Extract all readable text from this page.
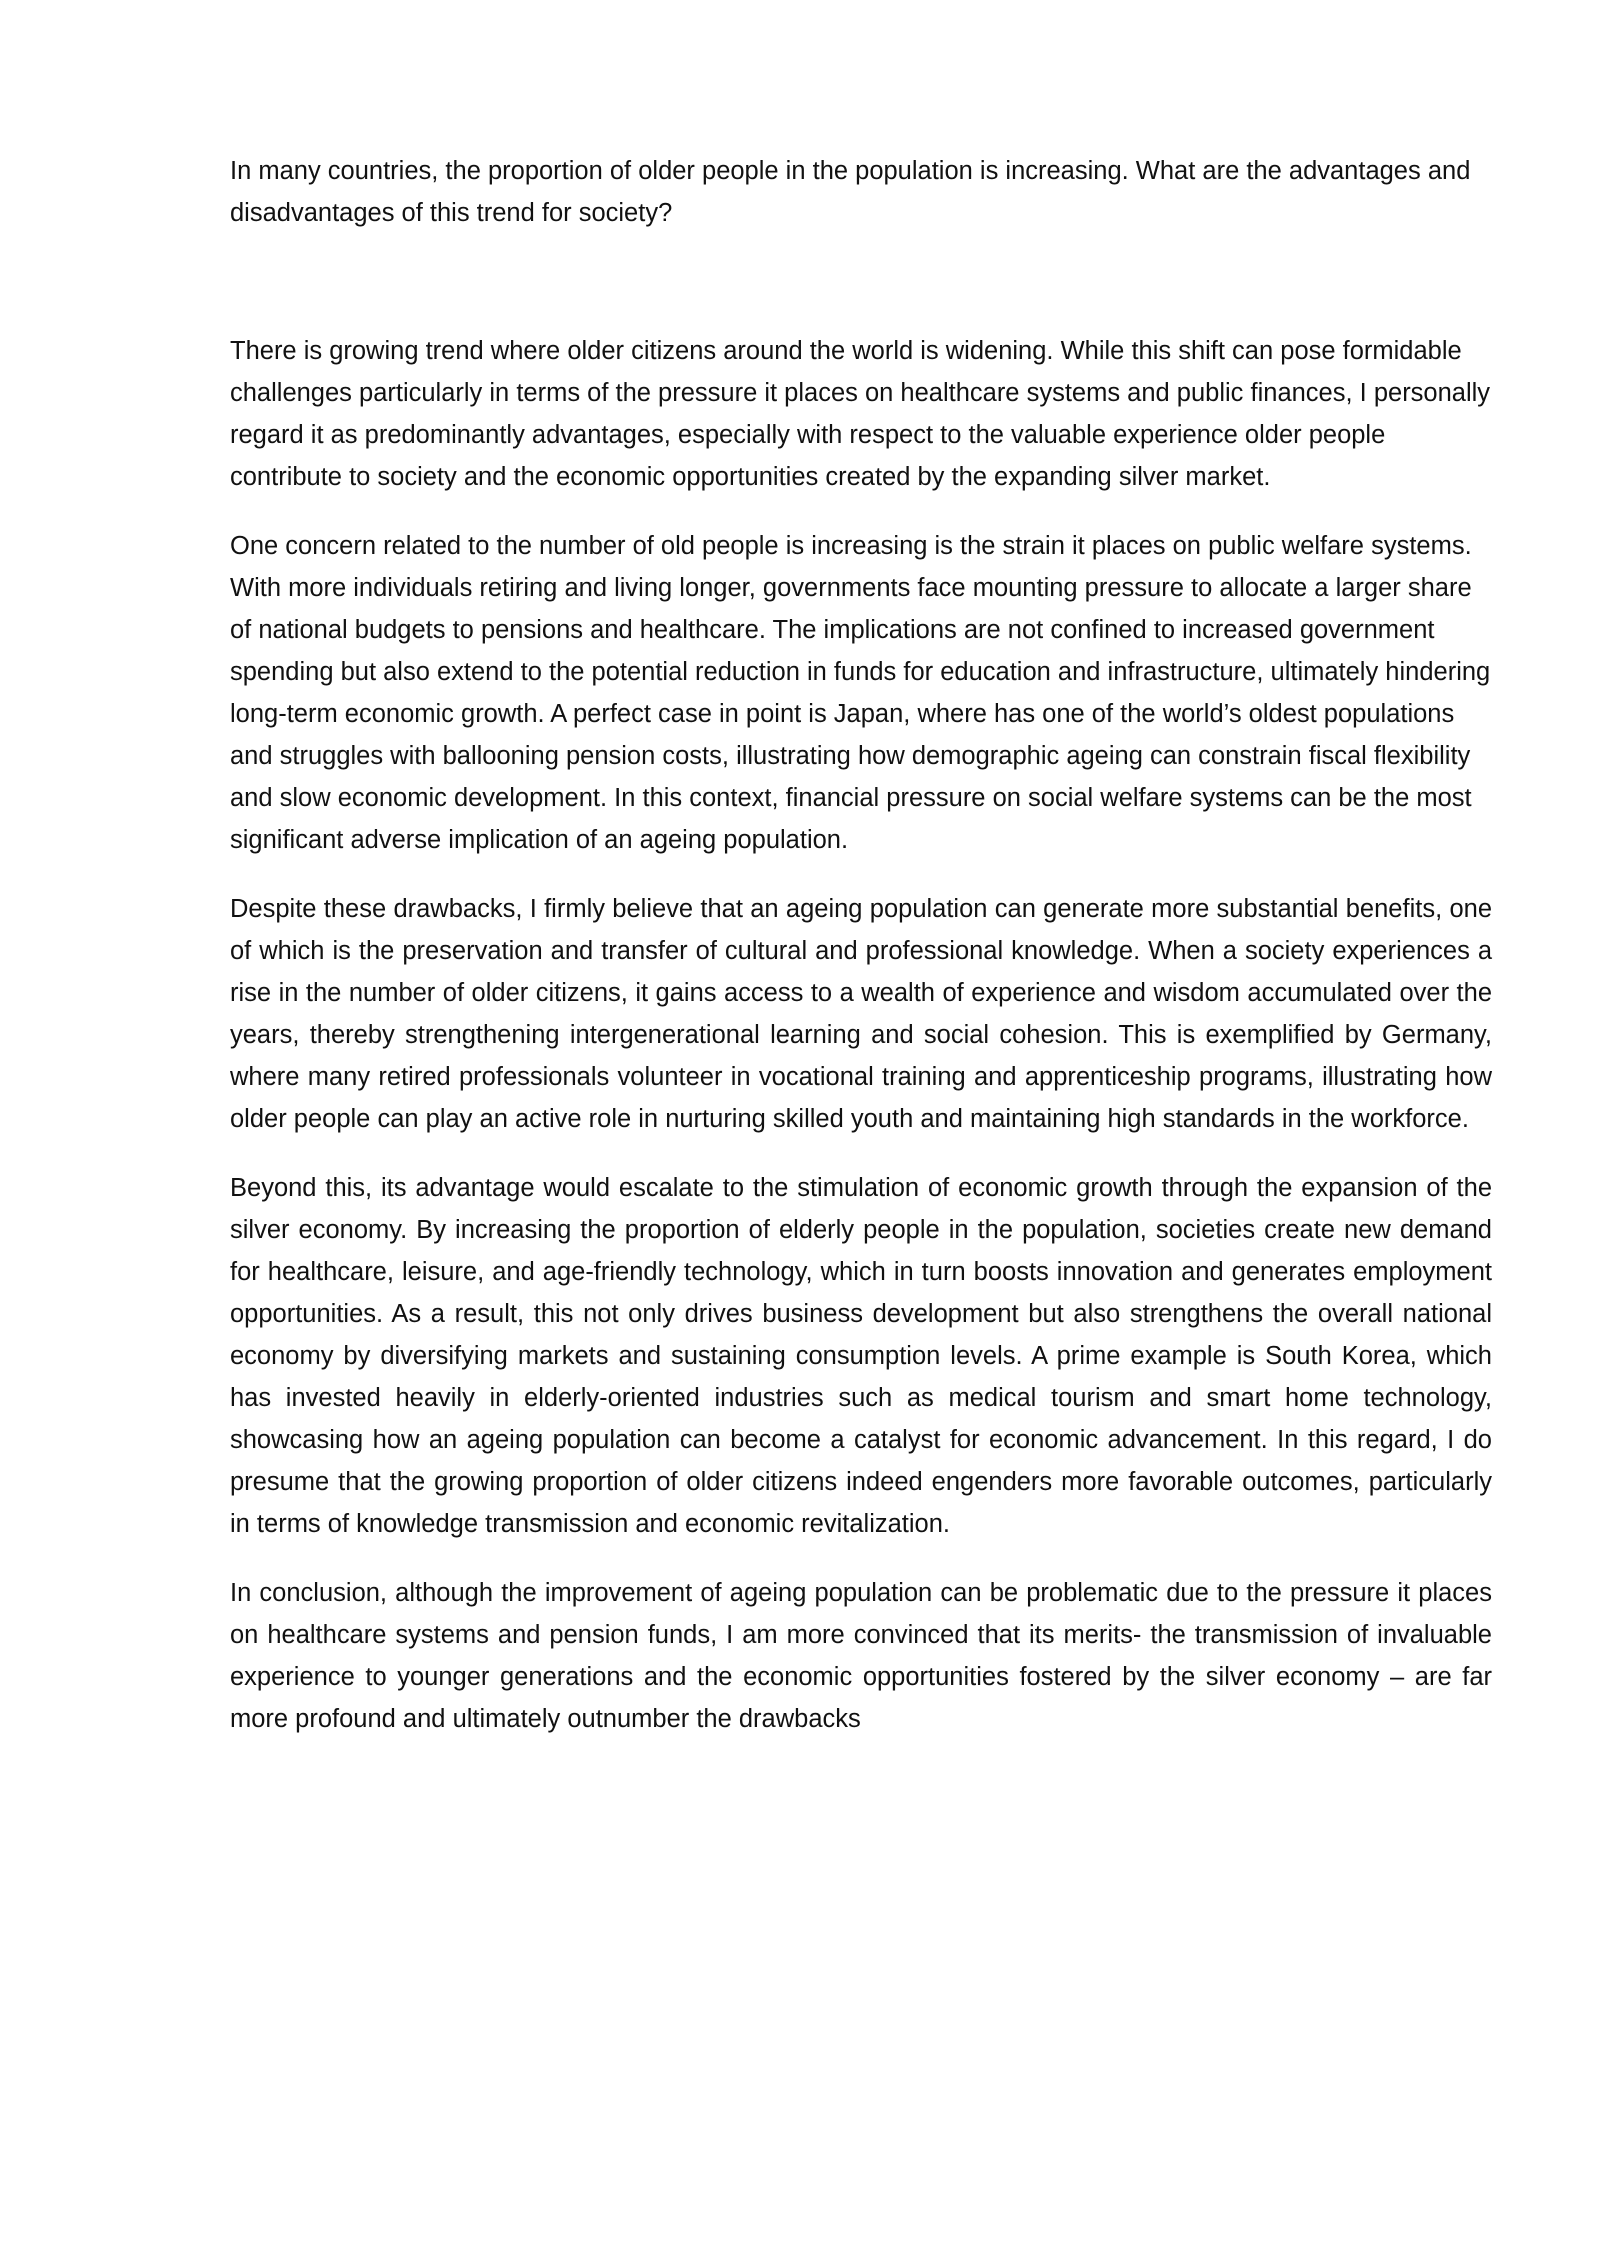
In many countries, the proportion of older people in the population is increasing. What are the advantages and disadvantages of this trend for society?

There is growing trend where older citizens around the world is widening. While this shift can pose formidable challenges particularly in terms of the pressure it places on healthcare systems and public finances, I personally regard it as predominantly advantages, especially with respect to the valuable experience older people contribute to society and the economic opportunities created by the expanding silver market.

One concern related to the number of old people is increasing is the strain it places on public welfare systems. With more individuals retiring and living longer, governments face mounting pressure to allocate a larger share of national budgets to pensions and healthcare. The implications are not confined to increased government spending but also extend to the potential reduction in funds for education and infrastructure, ultimately hindering long-term economic growth. A perfect case in point is Japan, where has one of the world’s oldest populations and struggles with ballooning pension costs, illustrating how demographic ageing can constrain fiscal flexibility and slow economic development. In this context, financial pressure on social welfare systems can be the most significant adverse implication of an ageing population.

Despite these drawbacks, I firmly believe that an ageing population can generate more substantial benefits, one of which is the preservation and transfer of cultural and professional knowledge. When a society experiences a rise in the number of older citizens, it gains access to a wealth of experience and wisdom accumulated over the years, thereby strengthening intergenerational learning and social cohesion. This is exemplified by Germany, where many retired professionals volunteer in vocational training and apprenticeship programs, illustrating how older people can play an active role in nurturing skilled youth and maintaining high standards in the workforce.

Beyond this, its advantage would escalate to the stimulation of economic growth through the expansion of the silver economy. By increasing the proportion of elderly people in the population, societies create new demand for healthcare, leisure, and age-friendly technology, which in turn boosts innovation and generates employment opportunities. As a result, this not only drives business development but also strengthens the overall national economy by diversifying markets and sustaining consumption levels. A prime example is South Korea, which has invested heavily in elderly-oriented industries such as medical tourism and smart home technology, showcasing how an ageing population can become a catalyst for economic advancement. In this regard, I do presume that the growing proportion of older citizens indeed engenders more favorable outcomes, particularly in terms of knowledge transmission and economic revitalization.

In conclusion, although the improvement of ageing population can be problematic due to the pressure it places on healthcare systems and pension funds, I am more convinced that its merits- the transmission of invaluable experience to younger generations and the economic opportunities fostered by the silver economy – are far more profound and ultimately outnumber the drawbacks
